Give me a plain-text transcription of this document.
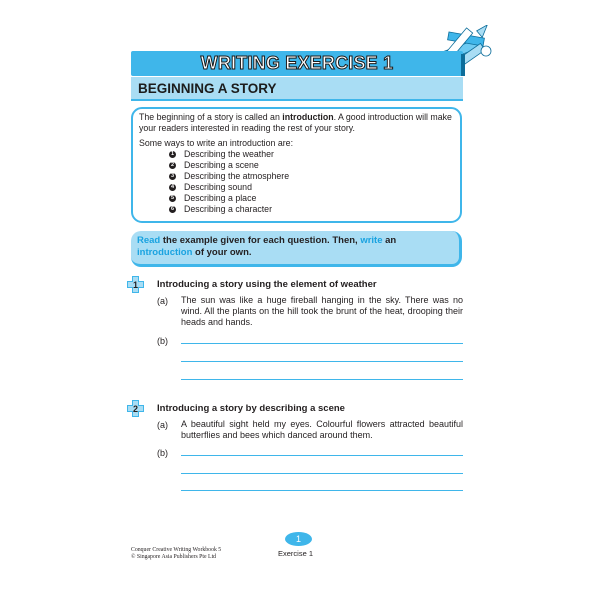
WRITING EXERCISE 1
BEGINNING A STORY

The beginning of a story is called an introduction. A good introduction will make your readers interested in reading the rest of your story.

Some ways to write an introduction are:

1 Describing the weather
2 Describing a scene
3 Describing the atmosphere
4 Describing sound
5 Describing a place
6 Describing a character
Read the example given for each question. Then, write an introduction of your own.
1 Introducing a story using the element of weather
(a) The sun was like a huge fireball hanging in the sky. There was no wind. All the plants on the hill took the brunt of the heat, drooping their heads and hands.
(b)
2 Introducing a story by describing a scene
(a) A beautiful sight held my eyes. Colourful flowers attracted beautiful butterflies and bees which danced around them.
(b)
Conquer Creative Writing Workbook 5
© Singapore Asia Publishers Pte Ltd
1
Exercise 1
